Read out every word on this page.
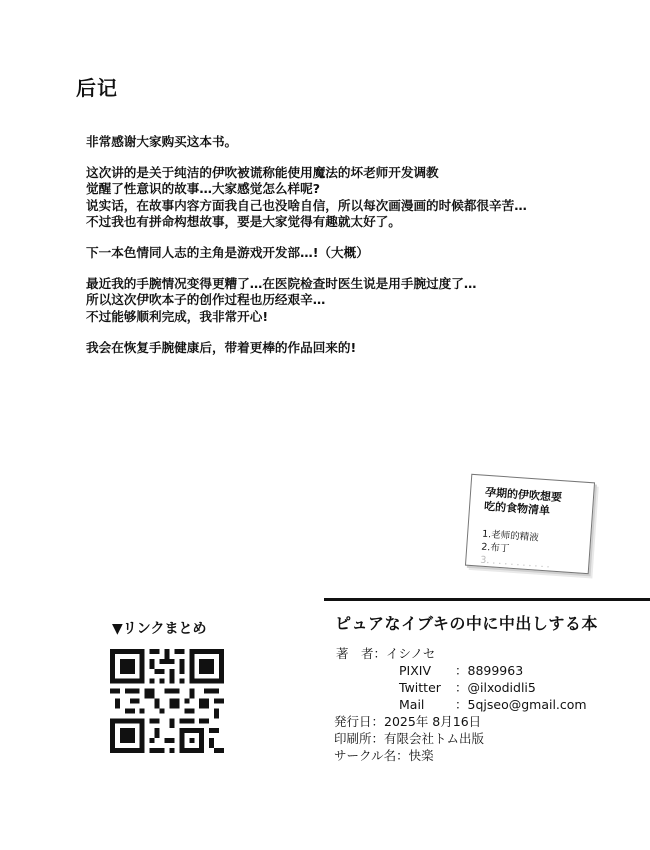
后记

非常感谢大家购买这本书。

这次讲的是关于纯洁的伊吹被谎称能使用魔法的坏老师开发调教
觉醒了性意识的故事…大家感觉怎么样呢?
说实话，在故事内容方面我自己也没啥自信，所以每次画漫画的时候都很辛苦…
不过我也有拼命构想故事，要是大家觉得有趣就太好了。

下一本色情同人志的主角是游戏开发部…!（大概）

最近我的手腕情况变得更糟了…在医院检查时医生说是用手腕过度了…
所以这次伊吹本子的创作过程也历经艰辛…
不过能够顺利完成，我非常开心!

我会在恢复手腕健康后，带着更棒的作品回来的!

孕期的伊吹想要
吃的食物清单
1.老师的精液
2.布丁
3. . . . . . . . . . .
▼リンクまとめ	ピュアなイブキの中に中出しする本
著　者：イシノセ
PIXIV ：8899963
Twitter ：@ilxodidli5
Mail ：5qjseo@gmail.com
発行日：2025年 8月16日
印刷所：有限会社トム出版
サークル名：快楽
